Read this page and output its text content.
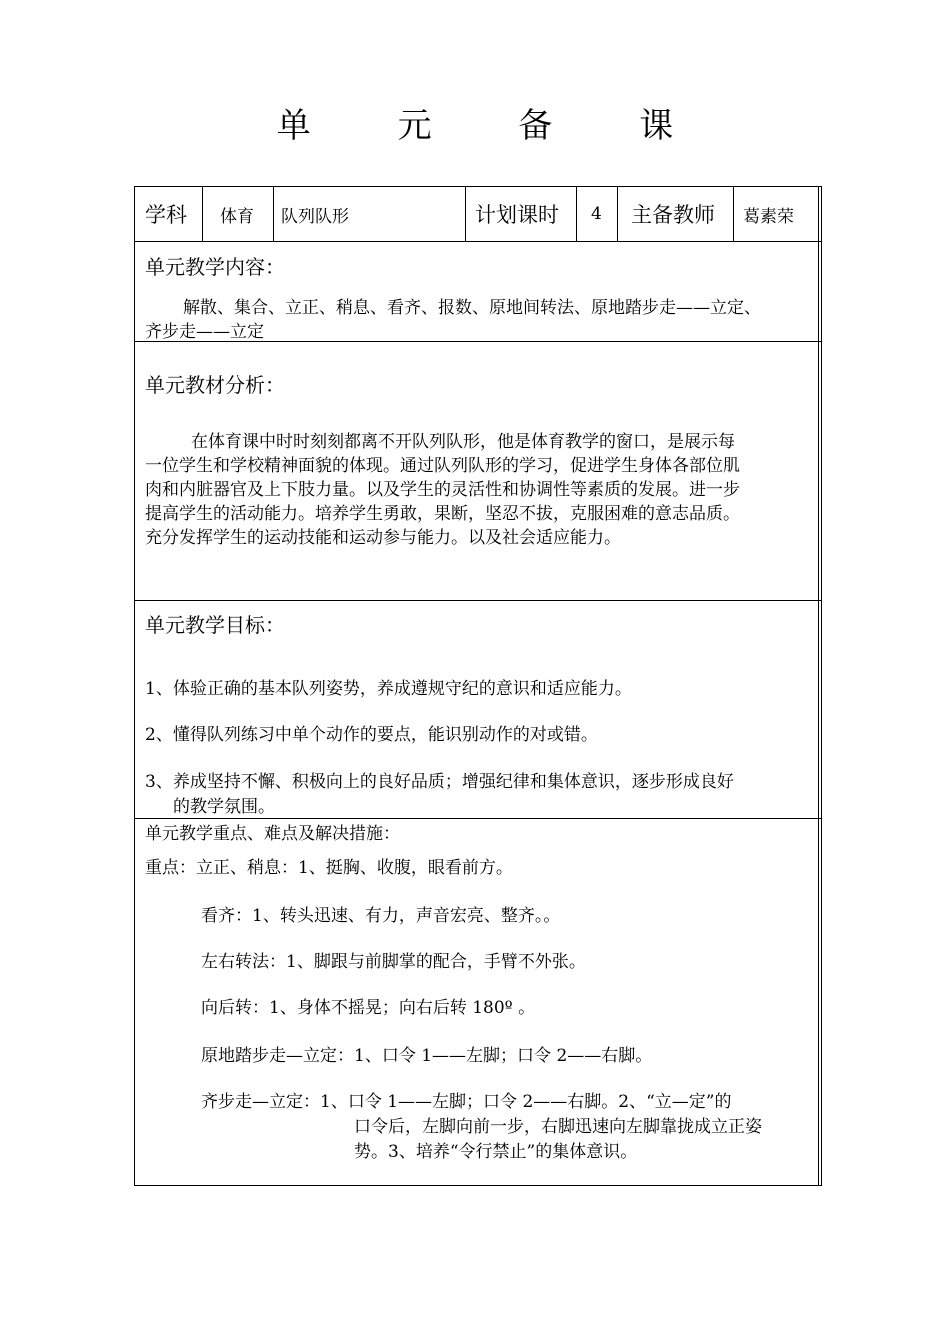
单 元 备 课
学科 体育 队列队形	计划课时 4 主备教师 葛素荣
单元教学内容：
解散、集合、立正、稍息、看齐、报数、原地间转法、原地踏步走——立定、
齐步走——立定
单元教材分析：
在体育课中时时刻刻都离不开队列队形，他是体育教学的窗口，是展示每
一位学生和学校精神面貌的体现。通过队列队形的学习，促进学生身体各部位肌
肉和内脏器官及上下肢力量。以及学生的灵活性和协调性等素质的发展。进一步
提高学生的活动能力。培养学生勇敢，果断，坚忍不拔，克服困难的意志品质。
充分发挥学生的运动技能和运动参与能力。以及社会适应能力。
单元教学目标：
1、体验正确的基本队列姿势，养成遵规守纪的意识和适应能力。
2、懂得队列练习中单个动作的要点，能识别动作的对或错。
3、养成坚持不懈、积极向上的良好品质；增强纪律和集体意识，逐步形成良好
的教学氛围。
单元教学重点、难点及解决措施：
重点：立正、稍息：1、挺胸、收腹，眼看前方。
看齐：1、转头迅速、有力，声音宏亮、整齐。。
左右转法：1、脚跟与前脚掌的配合，手臂不外张。
向后转：1、身体不摇晃；向右后转 180º 。
原地踏步走—立定：1、口令 1——左脚；口令 2——右脚。
齐步走—立定：1、口令 1——左脚；口令 2——右脚。2、“立—定”的
口令后，左脚向前一步，右脚迅速向左脚靠拢成立正姿
势。3、培养“令行禁止”的集体意识。
